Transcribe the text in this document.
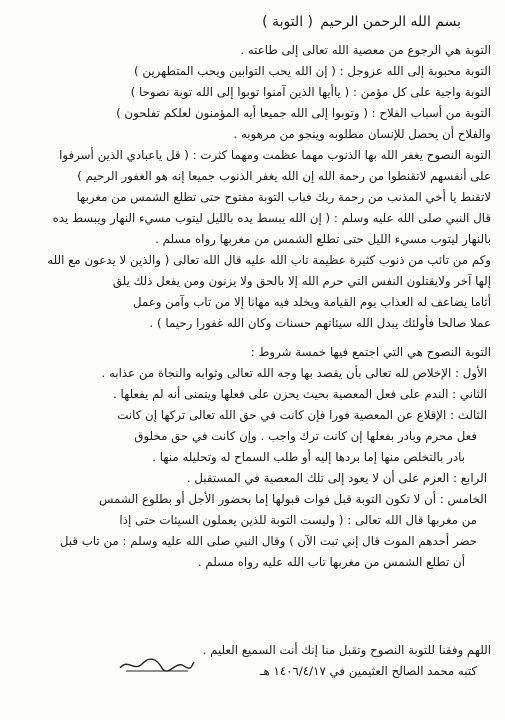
بسم الله الرحمن الرحيم
( التوبة )
التوبة هي الرجوع من معصية الله تعالى إلى طاعته .
التوبة محبوبة إلى الله عزوجل : ( إن الله يحب التوابين ويحب المتطهرين )
التوبة واجبة على كل مؤمن : ( ياأيها الذين آمنوا توبوا إلى الله توبة نصوحا )
التوبة من أسباب الفلاح : ( وتوبوا إلى الله جميعا أيه المؤمنون لعلكم تفلحون )
والفلاح أن يحصل للإنسان مطلوبه وينجو من مرهوبه .
التوبة النصوح يغفر الله بها الذنوب مهما عظمت ومهما كثرت : ( قل ياعبادي الذين أسرفوا
على أنفسهم لاتقنطوا من رحمة الله إن الله يغفر الذنوب جميعا إنه هو الغفور الرحيم )
لاتقنط يا أخي المذنب من رحمة ربك فباب التوبة مفتوح حتى تطلع الشمس من مغربها
قال النبي صلى الله عليه وسلم : ( إن الله يبسط يده بالليل ليتوب مسيء النهار ويبسط يده
بالنهار ليتوب مسيء الليل حتى تطلع الشمس من مغربها رواه مسلم .
وكم من تائب من ذنوب كثيرة عظيمة تاب الله عليه قال الله تعالى ( والذين لا يدعون مع الله
إلها آخر ولايقتلون النفس التي حرم الله إلا بالحق ولا يزنون ومن يفعل ذلك يلق
أثاما يضاعف له العذاب يوم القيامة ويخلد فيه مهانا إلا من تاب وآمن وعمل
عملا صالحا فأولئك يبدل الله سيئاتهم حسنات وكان الله غفورا رحيما ) .
التوبة النصوح هي التي اجتمع فيها خمسة شروط :
الأول : الإخلاص لله تعالى بأن يقصد بها وجه الله تعالى وثوابه والنجاة من عذابه .
الثاني : الندم على فعل المعصية بحيث يحزن على فعلها ويتمنى أنه لم يفعلها .
الثالث : الإقلاع عن المعصية فورا فإن كانت في حق الله تعالى تركها إن كانت
فعل محرم وبادر بفعلها إن كانت ترك واجب . وإن كانت في حق مخلوق
بادر بالتخلص منها إما بردها إليه أو طلب السماح له وتحليله منها .
الرابع : العزم على أن لا يعود إلى تلك المعصية في المستقبل .
الخامس : أن لا تكون التوبة قبل فوات قبولها إما بحضور الأجل أو بطلوع الشمس
من مغربها قال الله تعالى : ( وليست التوبة للذين يعملون السيئات حتى إذا
حضر أحدهم الموت قال إني تبت الآن ) وقال النبي صلى الله عليه وسلم : من تاب قبل
أن تطلع الشمس من مغربها تاب الله عليه رواه مسلم .
اللهم وفقنا للتوبة النصوح وتقبل منا إنك أنت السميع العليم .
كتبه محمد الصالح العثيمين في ١٤٠٦/٤/١٧ هـ
